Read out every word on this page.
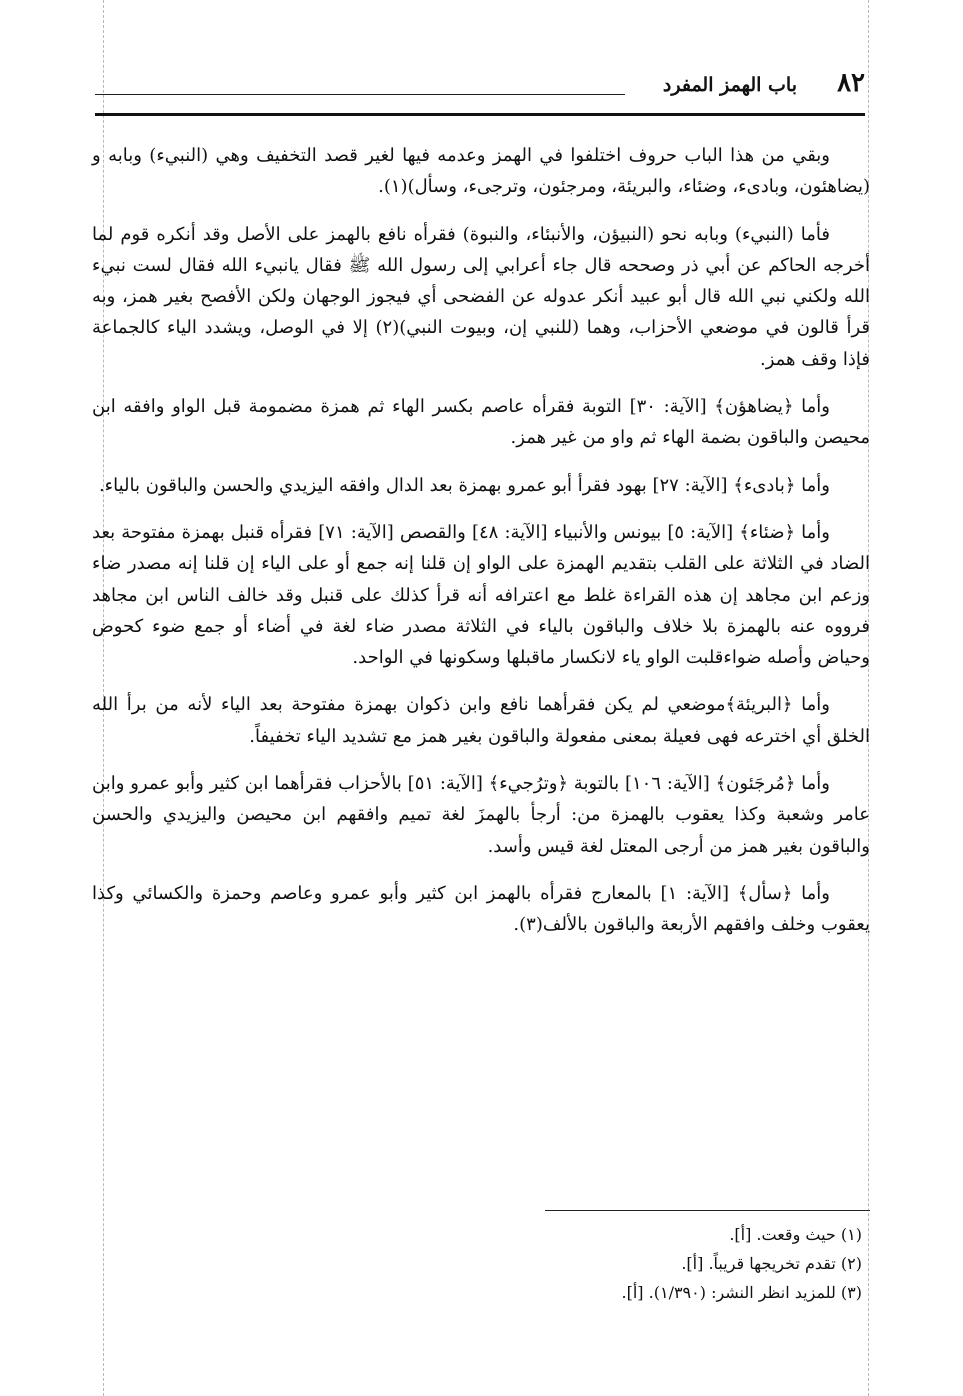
٨٢
باب الهمز المفرد

وبقي من هذا الباب حروف اختلفوا في الهمز وعدمه فيها لغير قصد التخفيف وهي (النبيء) وبابه و (يضاهئون، وبادىء، وضئاء، والبريئة، ومرجئون، وترجىء، وسأل)(١).

فأما (النبيء) وبابه نحو (النبيؤن، والأنبئاء، والنبوة) فقرأه نافع بالهمز على الأصل وقد أنكره قوم لما أخرجه الحاكم عن أبي ذر وصححه قال جاء أعرابي إلى رسول الله ﷺ فقال يانبيء الله فقال لست نبيء الله ولكني نبي الله قال أبو عبيد أنكر عدوله عن الفضحى أي فيجوز الوجهان ولكن الأفصح بغير همز، وبه قرأ قالون في موضعي الأحزاب، وهما (للنبي إن، وبيوت النبي)(٢) إلا في الوصل، ويشدد الياء كالجماعة فإذا وقف همز.

وأما ﴿يضاهؤن﴾ [الآية: ٣٠] التوبة فقرأه عاصم بكسر الهاء ثم همزة مضمومة قبل الواو وافقه ابن محيصن والباقون بضمة الهاء ثم واو من غير همز.

وأما ﴿بادىء﴾ [الآية: ٢٧] بهود فقرأ أبو عمرو بهمزة بعد الدال وافقه اليزيدي والحسن والباقون بالياء.

وأما ﴿ضئاء﴾ [الآية: ٥] بيونس والأنبياء [الآية: ٤٨] والقصص [الآية: ٧١] فقرأه قنبل بهمزة مفتوحة بعد الضاد في الثلاثة على القلب بتقديم الهمزة على الواو إن قلنا إنه جمع أو على الياء إن قلنا إنه مصدر ضاء وزعم ابن مجاهد إن هذه القراءة غلط مع اعترافه أنه قرأ كذلك على قنبل وقد خالف الناس ابن مجاهد فرووه عنه بالهمزة بلا خلاف والباقون بالياء في الثلاثة مصدر ضاء لغة في أضاء أو جمع ضوء كحوض وحياض وأصله ضواءقلبت الواو ياء لانكسار ماقبلها وسكونها في الواحد.

وأما ﴿البريئة﴾موضعي لم يكن فقرأهما نافع وابن ذكوان بهمزة مفتوحة بعد الياء لأنه من برأ الله الخلق أي اخترعه فهى فعيلة بمعنى مفعولة والباقون بغير همز مع تشديد الياء تخفيفاً.

وأما ﴿مُرجَئون﴾ [الآية: ١٠٦] بالتوبة ﴿وترُجيء﴾ [الآية: ٥١] بالأحزاب فقرأهما ابن كثير وأبو عمرو وابن عامر وشعبة وكذا يعقوب بالهمزة من: أرجأ بالهمزَ لغة تميم وافقهم ابن محيصن واليزيدي والحسن والباقون بغير همز من أرجى المعتل لغة قيس وأسد.

وأما ﴿سأل﴾ [الآية: ١] بالمعارج فقرأه بالهمز ابن كثير وأبو عمرو وعاصم وحمزة والكسائي وكذا يعقوب وخلف وافقهم الأربعة والباقون بالألف(٣).

(١) حيث وقعت. [أ].

(٢) تقدم تخريجها قريباً. [أ].

(٣) للمزيد انظر النشر: (١/٣٩٠). [أ].
